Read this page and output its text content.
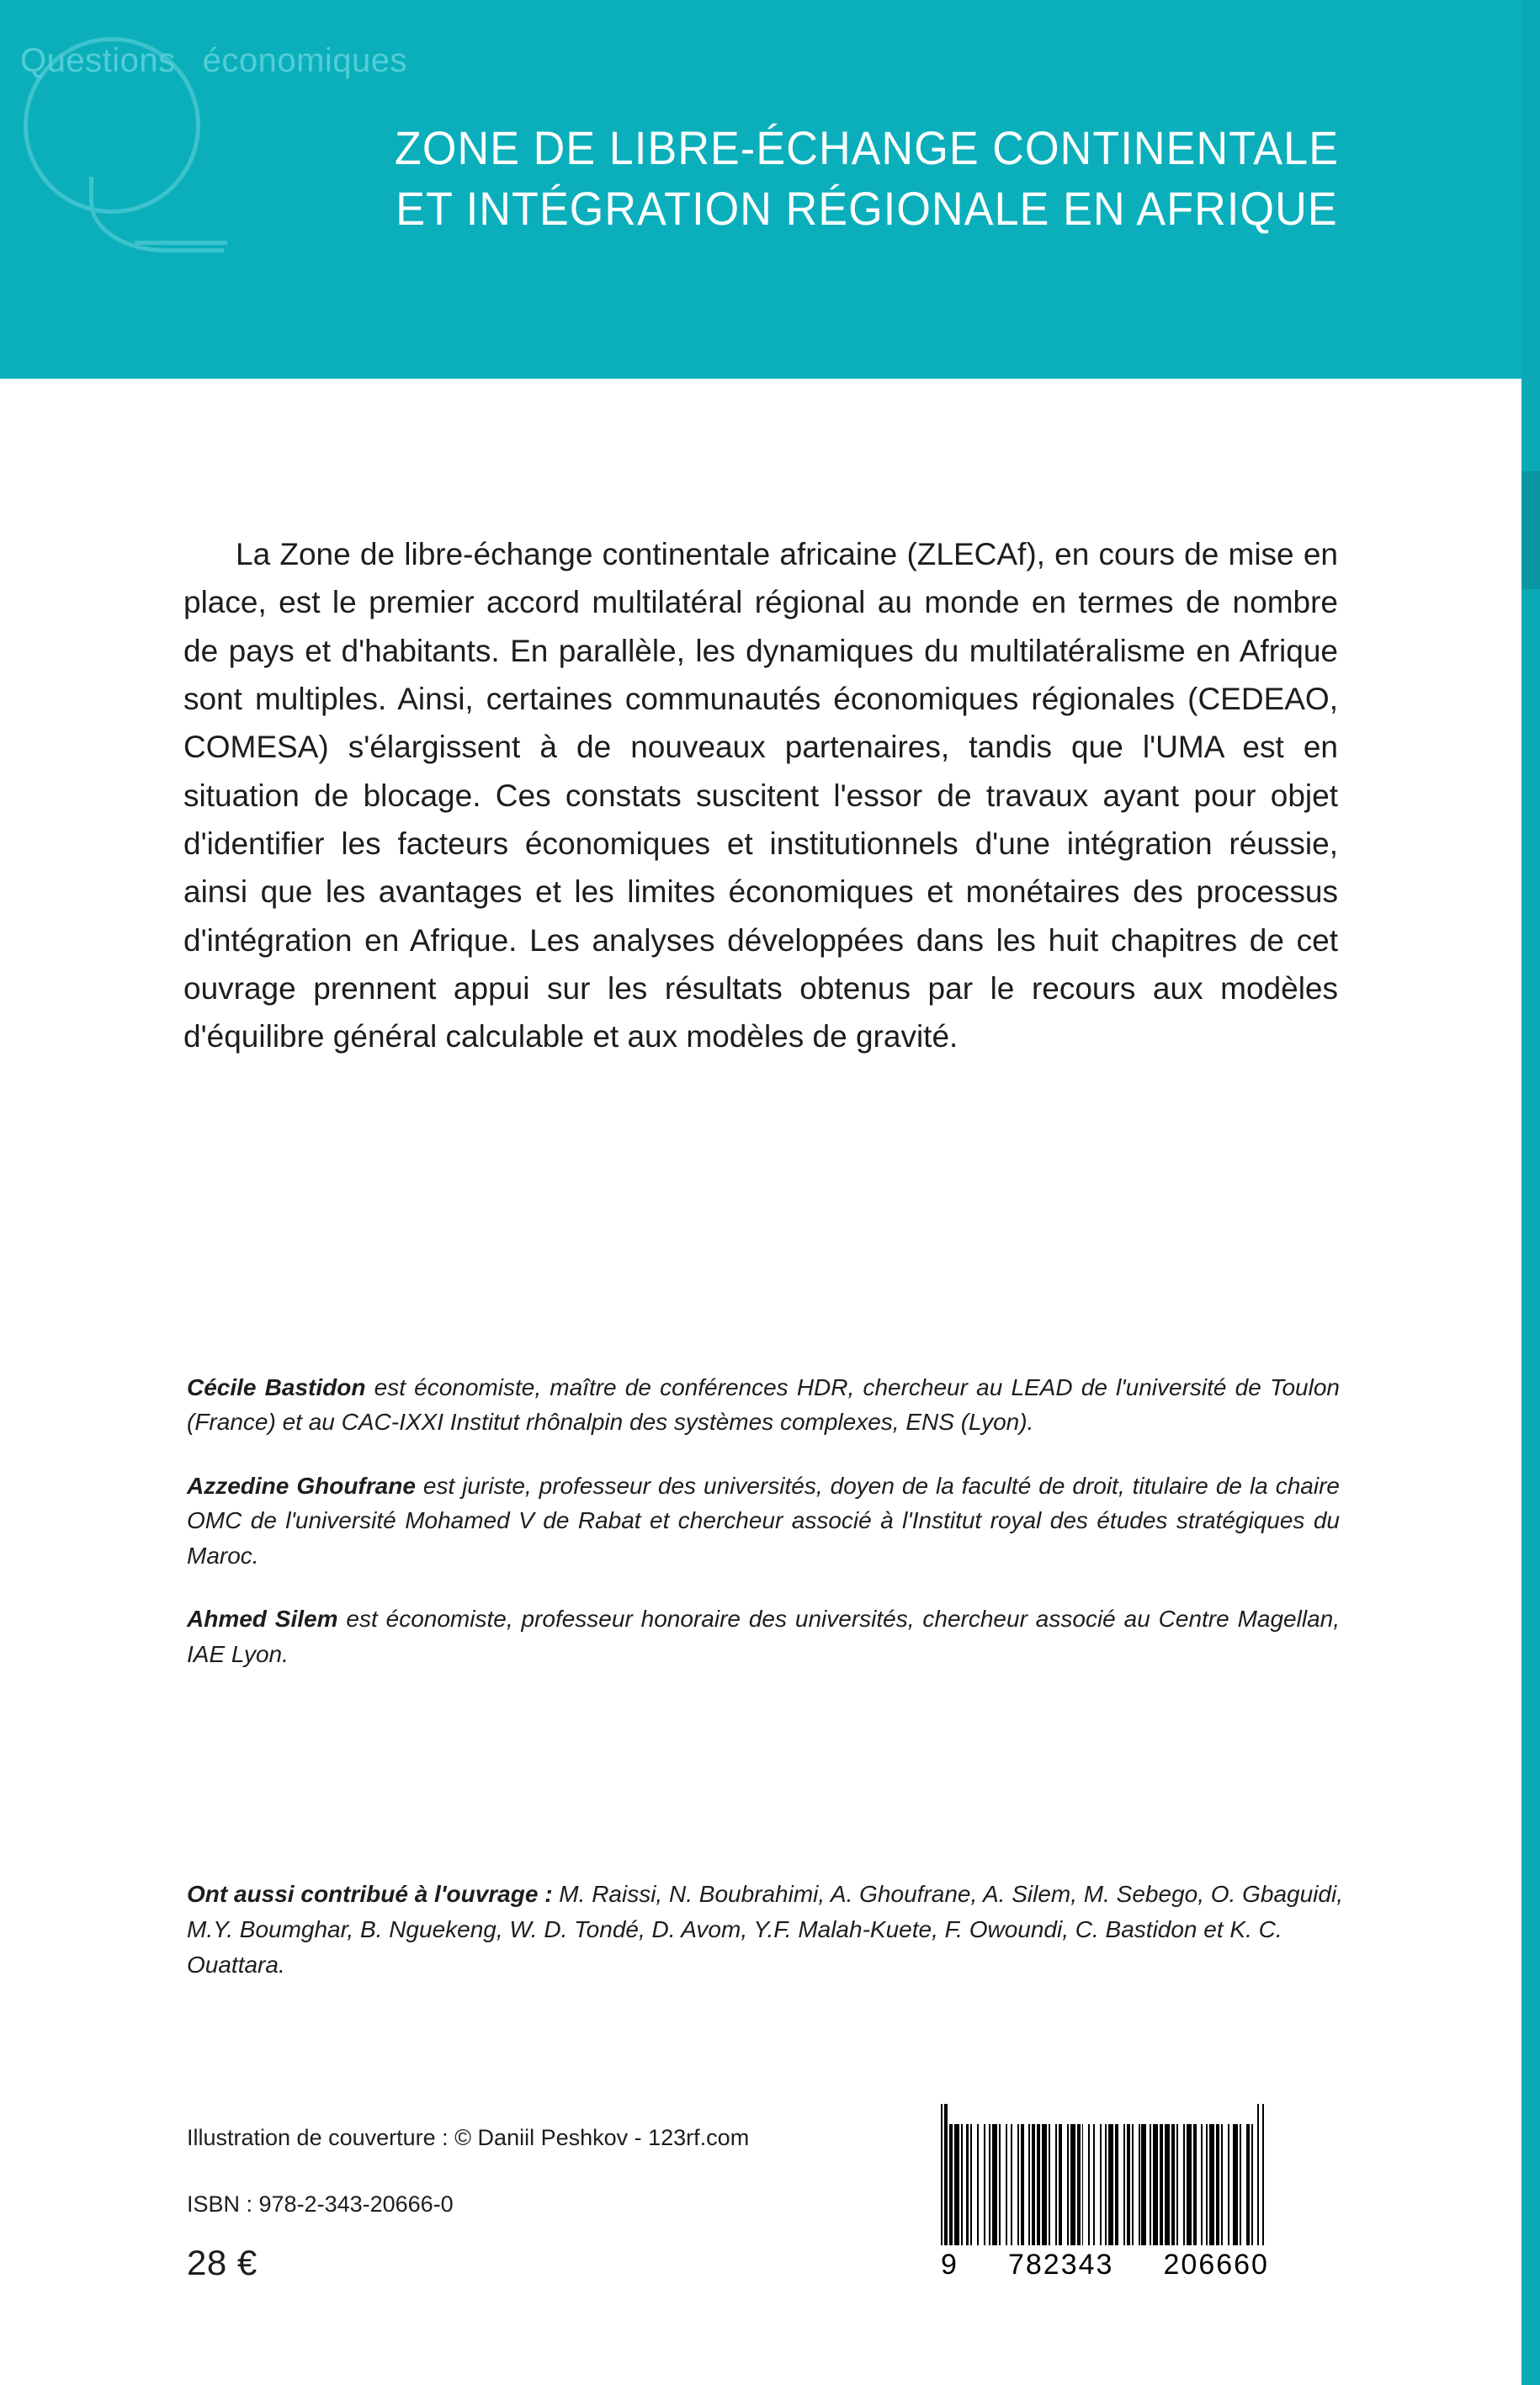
Questions économiques
ZONE DE LIBRE-ÉCHANGE CONTINENTALE
ET INTÉGRATION RÉGIONALE EN AFRIQUE

La Zone de libre-échange continentale africaine (ZLECAf), en cours de mise en place, est le premier accord multilatéral régional au monde en termes de nombre de pays et d'habitants. En parallèle, les dynamiques du multilatéralisme en Afrique sont multiples. Ainsi, certaines communautés économiques régionales (CEDEAO, COMESA) s'élargissent à de nouveaux partenaires, tandis que l'UMA est en situation de blocage. Ces constats suscitent l'essor de travaux ayant pour objet d'identifier les facteurs économiques et institutionnels d'une intégration réussie, ainsi que les avantages et les limites économiques et monétaires des processus d'intégration en Afrique. Les analyses développées dans les huit chapitres de cet ouvrage prennent appui sur les résultats obtenus par le recours aux modèles d'équilibre général calculable et aux modèles de gravité.

Cécile Bastidon est économiste, maître de conférences HDR, chercheur au LEAD de l'université de Toulon (France) et au CAC-IXXI Institut rhônalpin des systèmes complexes, ENS (Lyon).
Azzedine Ghoufrane est juriste, professeur des universités, doyen de la faculté de droit, titulaire de la chaire OMC de l'université Mohamed V de Rabat et chercheur associé à l'Institut royal des études stratégiques du Maroc.
Ahmed Silem est économiste, professeur honoraire des universités, chercheur associé au Centre Magellan, IAE Lyon.
Ont aussi contribué à l'ouvrage : M. Raissi, N. Boubrahimi, A. Ghoufrane, A. Silem, M. Sebego, O. Gbaguidi, M.Y. Boumghar, B. Nguekeng, W. D. Tondé, D. Avom, Y.F. Malah-Kuete, F. Owoundi, C. Bastidon et K. C. Ouattara.
Illustration de couverture : © Daniil Peshkov - 123rf.com
ISBN : 978-2-343-20666-0
28 €	9 782343 206660
